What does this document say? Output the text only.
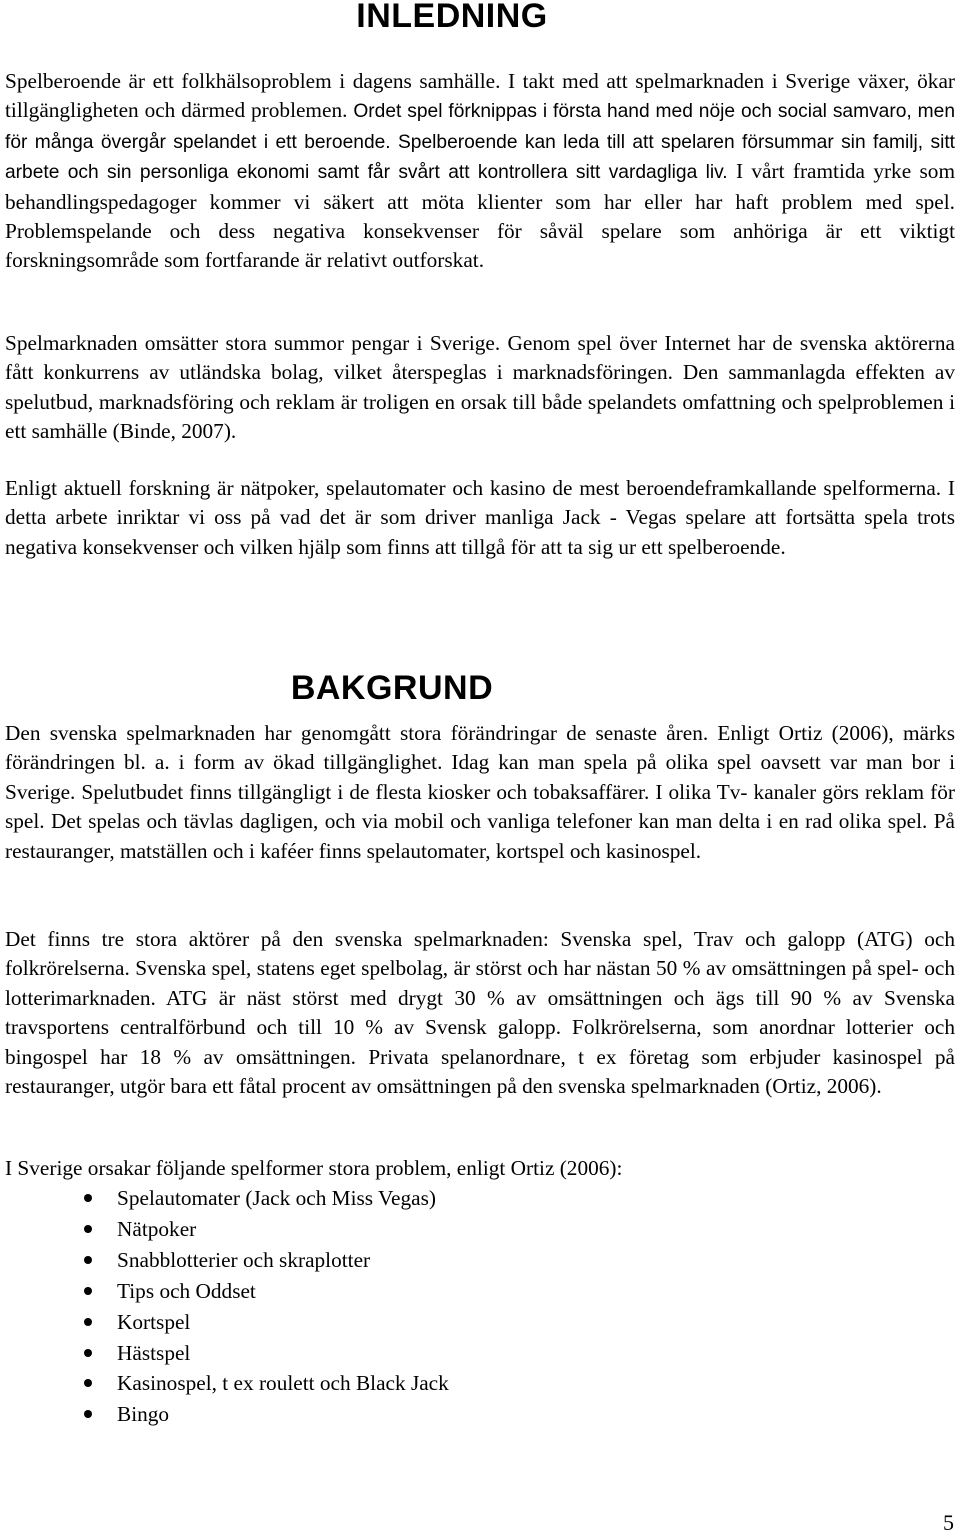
INLEDNING

Spelberoende är ett folkhälsoproblem i dagens samhälle. I takt med att spelmarknaden i Sverige växer, ökar tillgängligheten och därmed problemen. Ordet spel förknippas i första hand med nöje och social samvaro, men för många övergår spelandet i ett beroende. Spelberoende kan leda till att spelaren försummar sin familj, sitt arbete och sin personliga ekonomi samt får svårt att kontrollera sitt vardagliga liv. I vårt framtida yrke som behandlingspedagoger kommer vi säkert att möta klienter som har eller har haft problem med spel. Problemspelande och dess negativa konsekvenser för såväl spelare som anhöriga är ett viktigt forskningsområde som fortfarande är relativt outforskat.

Spelmarknaden omsätter stora summor pengar i Sverige. Genom spel över Internet har de svenska aktörerna fått konkurrens av utländska bolag, vilket återspeglas i marknadsföringen. Den sammanlagda effekten av spelutbud, marknadsföring och reklam är troligen en orsak till både spelandets omfattning och spelproblemen i ett samhälle (Binde, 2007).

Enligt aktuell forskning är nätpoker, spelautomater och kasino de mest beroendeframkallande spelformerna. I detta arbete inriktar vi oss på vad det är som driver manliga Jack - Vegas spelare att fortsätta spela trots negativa konsekvenser och vilken hjälp som finns att tillgå för att ta sig ur ett spelberoende.

BAKGRUND

Den svenska spelmarknaden har genomgått stora förändringar de senaste åren. Enligt Ortiz (2006), märks förändringen bl. a. i form av ökad tillgänglighet. Idag kan man spela på olika spel oavsett var man bor i Sverige. Spelutbudet finns tillgängligt i de flesta kiosker och tobaksaffärer. I olika Tv- kanaler görs reklam för spel. Det spelas och tävlas dagligen, och via mobil och vanliga telefoner kan man delta i en rad olika spel. På restauranger, matställen och i kaféer finns spelautomater, kortspel och kasinospel.

Det finns tre stora aktörer på den svenska spelmarknaden: Svenska spel, Trav och galopp (ATG) och folkrörelserna. Svenska spel, statens eget spelbolag, är störst och har nästan 50 % av omsättningen på spel- och lotterimarknaden. ATG är näst störst med drygt 30 % av omsättningen och ägs till 90 % av Svenska travsportens centralförbund och till 10 % av Svensk galopp. Folkrörelserna, som anordnar lotterier och bingospel har 18 % av omsättningen. Privata spelanordnare, t ex företag som erbjuder kasinospel på restauranger, utgör bara ett fåtal procent av omsättningen på den svenska spelmarknaden (Ortiz, 2006).

I Sverige orsakar följande spelformer stora problem, enligt Ortiz (2006):

Spelautomater (Jack och Miss Vegas)
Nätpoker
Snabblotterier och skraplotter
Tips och Oddset
Kortspel
Hästspel
Kasinospel, t ex roulett och Black Jack
Bingo
5
